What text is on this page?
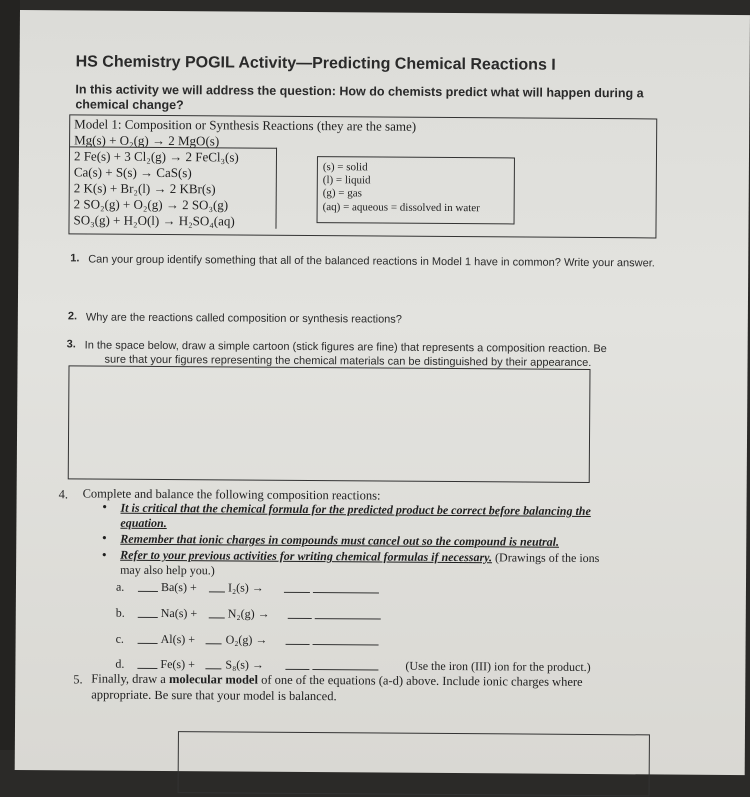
HS Chemistry POGIL Activity—Predicting Chemical Reactions I
In this activity we will address the question: How do chemists predict what will happen during a chemical change?
Model 1: Composition or Synthesis Reactions (they are the same)
Mg(s) + O₂(g) → 2 MgO(s)
2 Fe(s) + 3 Cl₂(g) → 2 FeCl₃(s)
Ca(s) + S(s) → CaS(s)
2 K(s) + Br₂(l) → 2 KBr(s)
2 SO₂(g) + O₂(g) → 2 SO₃(g)
SO₃(g) + H₂O(l) → H₂SO₄(aq)
(s) = solid
(l) = liquid
(g) = gas
(aq) = aqueous = dissolved in water
1. Can your group identify something that all of the balanced reactions in Model 1 have in common? Write your answer.
2. Why are the reactions called composition or synthesis reactions?
3. In the space below, draw a simple cartoon (stick figures are fine) that represents a composition reaction. Be
sure that your figures representing the chemical materials can be distinguished by their appearance.
4. Complete and balance the following composition reactions:
• It is critical that the chemical formula for the predicted product be correct before balancing the
equation.
• Remember that ionic charges in compounds must cancel out so the compound is neutral.
• Refer to your previous activities for writing chemical formulas if necessary. (Drawings of the ions
may also help you.)
a.	Ba(s) +	I₂(s) →

b.	Na(s) +	N₂(g) →

c.	Al(s) +	O₂(g) →

d.	Fe(s) +	S₈(s) →
	(Use the iron (III) ion for the product.)
5. Finally, draw a molecular model of one of the equations (a-d) above. Include ionic charges where
appropriate. Be sure that your model is balanced.
